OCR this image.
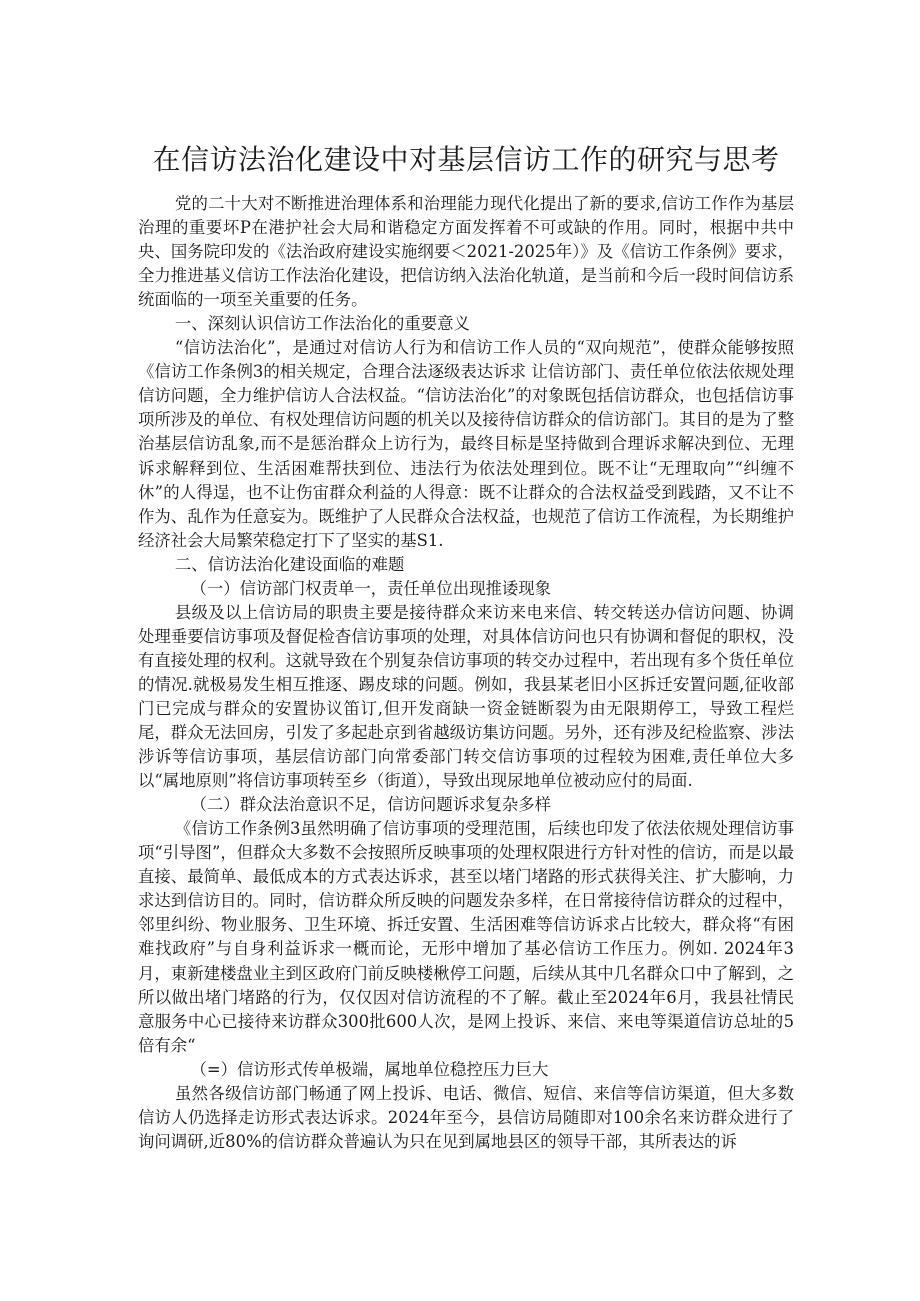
在信访法治化建设中对基层信访工作的研究与思考

党的二十大对不断推进治理体系和治理能力现代化提出了新的要求,信访工作作为基层治理的重要坏P在港护社会大局和谐稳定方面发挥着不可或缺的作用。同时，根据中共中央、国务院印发的《法治政府建设实施纲要＜2021-2025年）》及《信访工作条例》要求，全力推进基义信访工作法治化建设，把信访纳入法治化轨道，是当前和今后一段时间信访系统面临的一项至关重要的任务。

一、深刻认识信访工作法治化的重要意义

“信访法治化”，是通过对信访人行为和信访工作人员的“双向规范”，使群众能够按照《信访工作条例3的相关规定，合理合法逐级表达诉求 让信访部门、责任单位依法依规处理信访问题，全力维护信访人合法权益。“信访法治化”的对象既包括信访群众，也包括信访事项所涉及的单位、有权处理信访问题的机关以及接待信访群众的信访部门。其目的是为了整治基层信访乱象,而不是惩治群众上访行为，最终目标是坚持做到合理诉求解决到位、无理诉求解释到位、生活困难帮扶到位、违法行为依法处理到位。既不让“无理取向”“纠缠不休”的人得逞，也不让伤宙群众利益的人得意：既不让群众的合法权益受到践踏，又不让不作为、乱作为任意妄为。既维护了人民群众合法权益，也规范了信访工作流程，为长期维护经济社会大局繁荣稳定打下了坚实的基S1.

二、信访法治化建设面临的难题

（一）信访部门权责单一，责任单位出现推诿现象

县级及以上信访局的职贵主要是接待群众来访来电来信、转交转送办信访问题、协调处理垂要信访事项及督促检杳信访事项的处理，对具体信访问也只有协调和督促的职权，没有直接处理的权利。这就导致在个别复杂信访事项的转交办过程中，若出现有多个货任单位的情况.就极易发生相互推逐、踢皮球的问题。例如，我县某老旧小区拆迁安置问题,征收部门已完成与群众的安置协议笛订,但开发商缺一资金链断裂为由无限期停工，导致工程烂尾，群众无法回房，引发了多起赴京到省越级访集访问题。另外，还有涉及纪检监察、涉法涉诉等信访事项，基层信访部门向常委部门转交信访事项的过程较为困难,责任单位大多以“属地原则”将信访事项转至乡（街道），导致出现尿地单位被动应付的局面.

（二）群众法治意识不足，信访问题诉求复杂多样

《信访工作条例3虽然明确了信访事项的受理范围，后续也印发了依法依规处理信访事项“引导图”，但群众大多数不会按照所反映事项的处理权限进行方针对性的信访，而是以最直接、最简单、最低成本的方式表达诉求，甚至以堵门堵路的形式获得关注、扩大膨响，力求达到信访目的。同时，信访群众所反映的问题发杂多样，在日常接待信访群众的过程中，邻里纠纷、物业服务、卫生环境、拆迁安置、生活困难等信访诉求占比较大，群众将“有困难找政府”与自身利益诉求一概而论，无形中增加了基必信访工作压力。例如. 2024年3月，東新建楼盘业主到区政府门前反映楼楸停工问题，后续从其中几名群众口中了解到，之所以做出堵门堵路的行为，仅仅因对信访流程的不了解。截止至2024年6月，我县社情民意服务中心已接待来访群众300批600人次，是网上投诉、来信、来电等渠道信访总址的5倍有余“

（=）信访形式传单极端，属地单位稳控压力巨大

虽然各级信访部门畅通了网上投诉、电话、微信、短信、来信等信访渠道，但大多数信访人仍选择走访形式表达诉求。2024年至今，县信访局随即对100余名来访群众进行了询问调研,近80%的信访群众普遍认为只在见到属地县区的领导干部，其所表达的诉
